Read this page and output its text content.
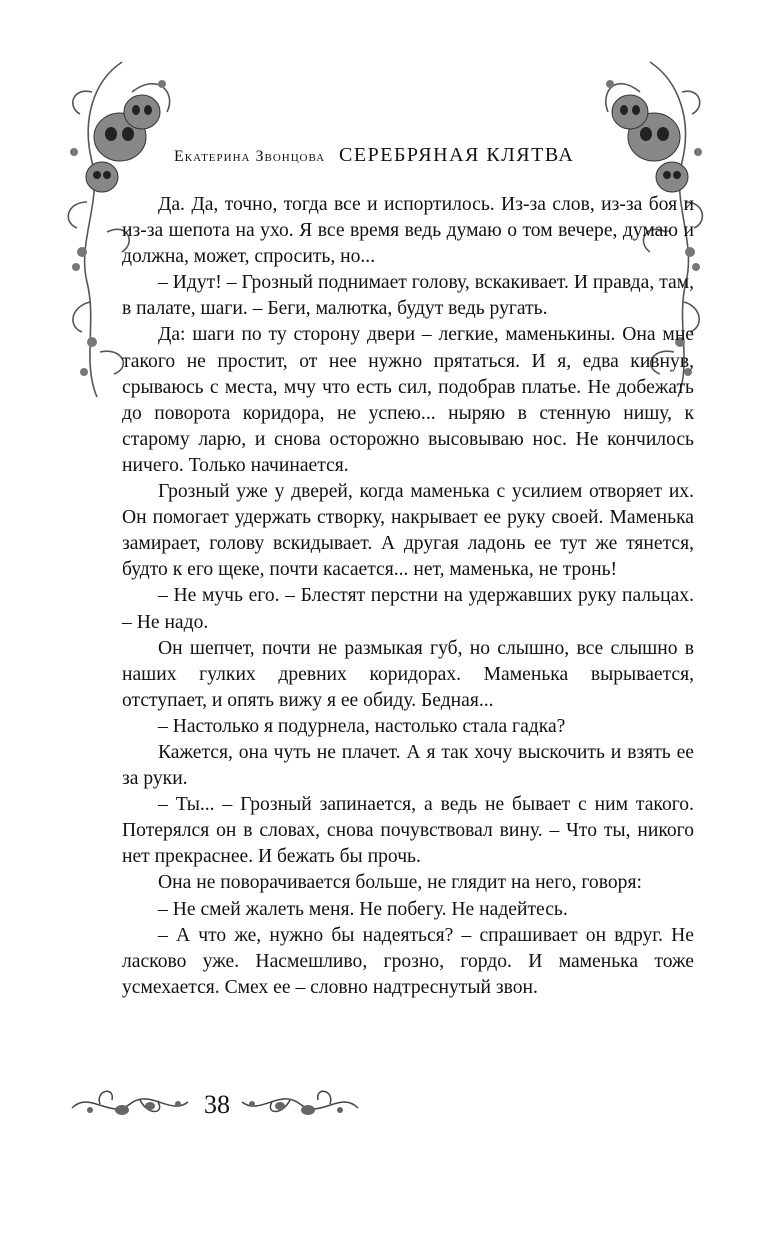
Екатерина Звонцова СЕРЕБРЯНАЯ КЛЯТВА

Да. Да, точно, тогда все и испортилось. Из-за слов, из-за боя и из-за шепота на ухо. Я все время ведь думаю о том вечере, думаю и должна, может, спросить, но...

– Идут! – Грозный поднимает голову, вскакивает. И правда, там, в палате, шаги. – Беги, малютка, будут ведь ругать.

Да: шаги по ту сторону двери – легкие, маменькины. Она мне такого не простит, от нее нужно прятаться. И я, едва кивнув, срываюсь с места, мчу что есть сил, подобрав платье. Не добежать до поворота коридора, не успею... ныряю в стенную нишу, к старому ларю, и снова осторожно высовываю нос. Не кончилось ничего. Только начинается.

Грозный уже у дверей, когда маменька с усилием отворяет их. Он помогает удержать створку, накрывает ее руку своей. Маменька замирает, голову вскидывает. А другая ладонь ее тут же тянется, будто к его щеке, почти касается... нет, маменька, не тронь!

– Не мучь его. – Блестят перстни на удержавших руку пальцах. – Не надо.

Он шепчет, почти не размыкая губ, но слышно, все слышно в наших гулких древних коридорах. Маменька вырывается, отступает, и опять вижу я ее обиду. Бедная...

– Настолько я подурнела, настолько стала гадка?

Кажется, она чуть не плачет. А я так хочу выскочить и взять ее за руки.

– Ты... – Грозный запинается, а ведь не бывает с ним такого. Потерялся он в словах, снова почувствовал вину. – Что ты, никого нет прекраснее. И бежать бы прочь.

Она не поворачивается больше, не глядит на него, говоря:

– Не смей жалеть меня. Не побегу. Не надейтесь.

– А что же, нужно бы надеяться? – спрашивает он вдруг. Не ласково уже. Насмешливо, грозно, гордо. И маменька тоже усмехается. Смех ее – словно надтреснутый звон.

38
